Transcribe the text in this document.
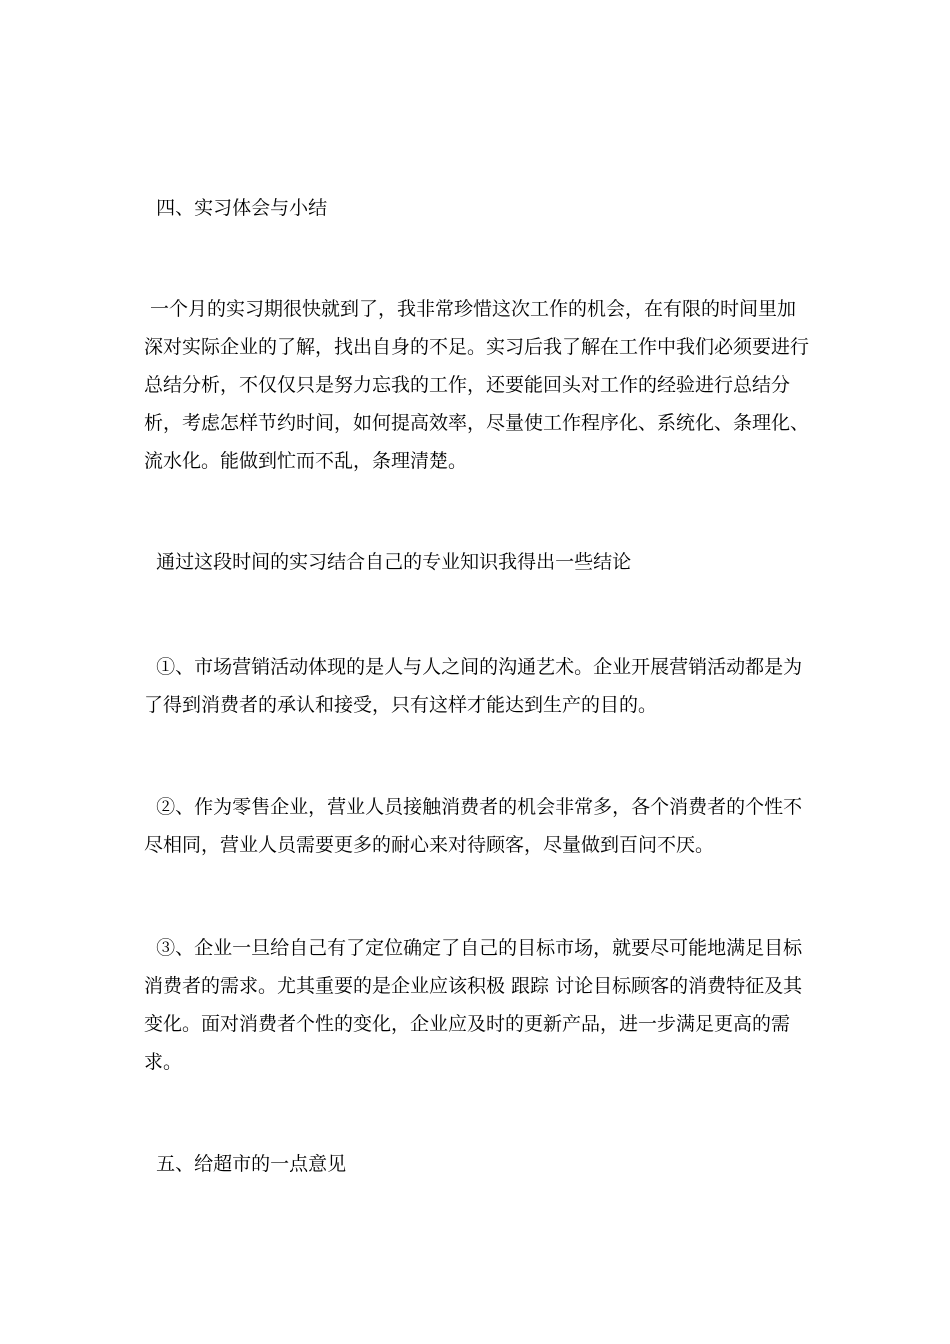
四、实习体会与小结

一个月的实习期很快就到了，我非常珍惜这次工作的机会，在有限的时间里加深对实际企业的了解，找出自身的不足。实习后我了解在工作中我们必须要进行总结分析，不仅仅只是努力忘我的工作，还要能回头对工作的经验进行总结分析，考虑怎样节约时间，如何提高效率，尽量使工作程序化、系统化、条理化、流水化。能做到忙而不乱，条理清楚。

通过这段时间的实习结合自己的专业知识我得出一些结论

①、市场营销活动体现的是人与人之间的沟通艺术。企业开展营销活动都是为了得到消费者的承认和接受，只有这样才能达到生产的目的。

②、作为零售企业，营业人员接触消费者的机会非常多，各个消费者的个性不尽相同，营业人员需要更多的耐心来对待顾客，尽量做到百问不厌。

③、企业一旦给自己有了定位确定了自己的目标市场，就要尽可能地满足目标消费者的需求。尤其重要的是企业应该积极 跟踪 讨论目标顾客的消费特征及其变化。面对消费者个性的变化，企业应及时的更新产品，进一步满足更高的需求。

五、给超市的一点意见
